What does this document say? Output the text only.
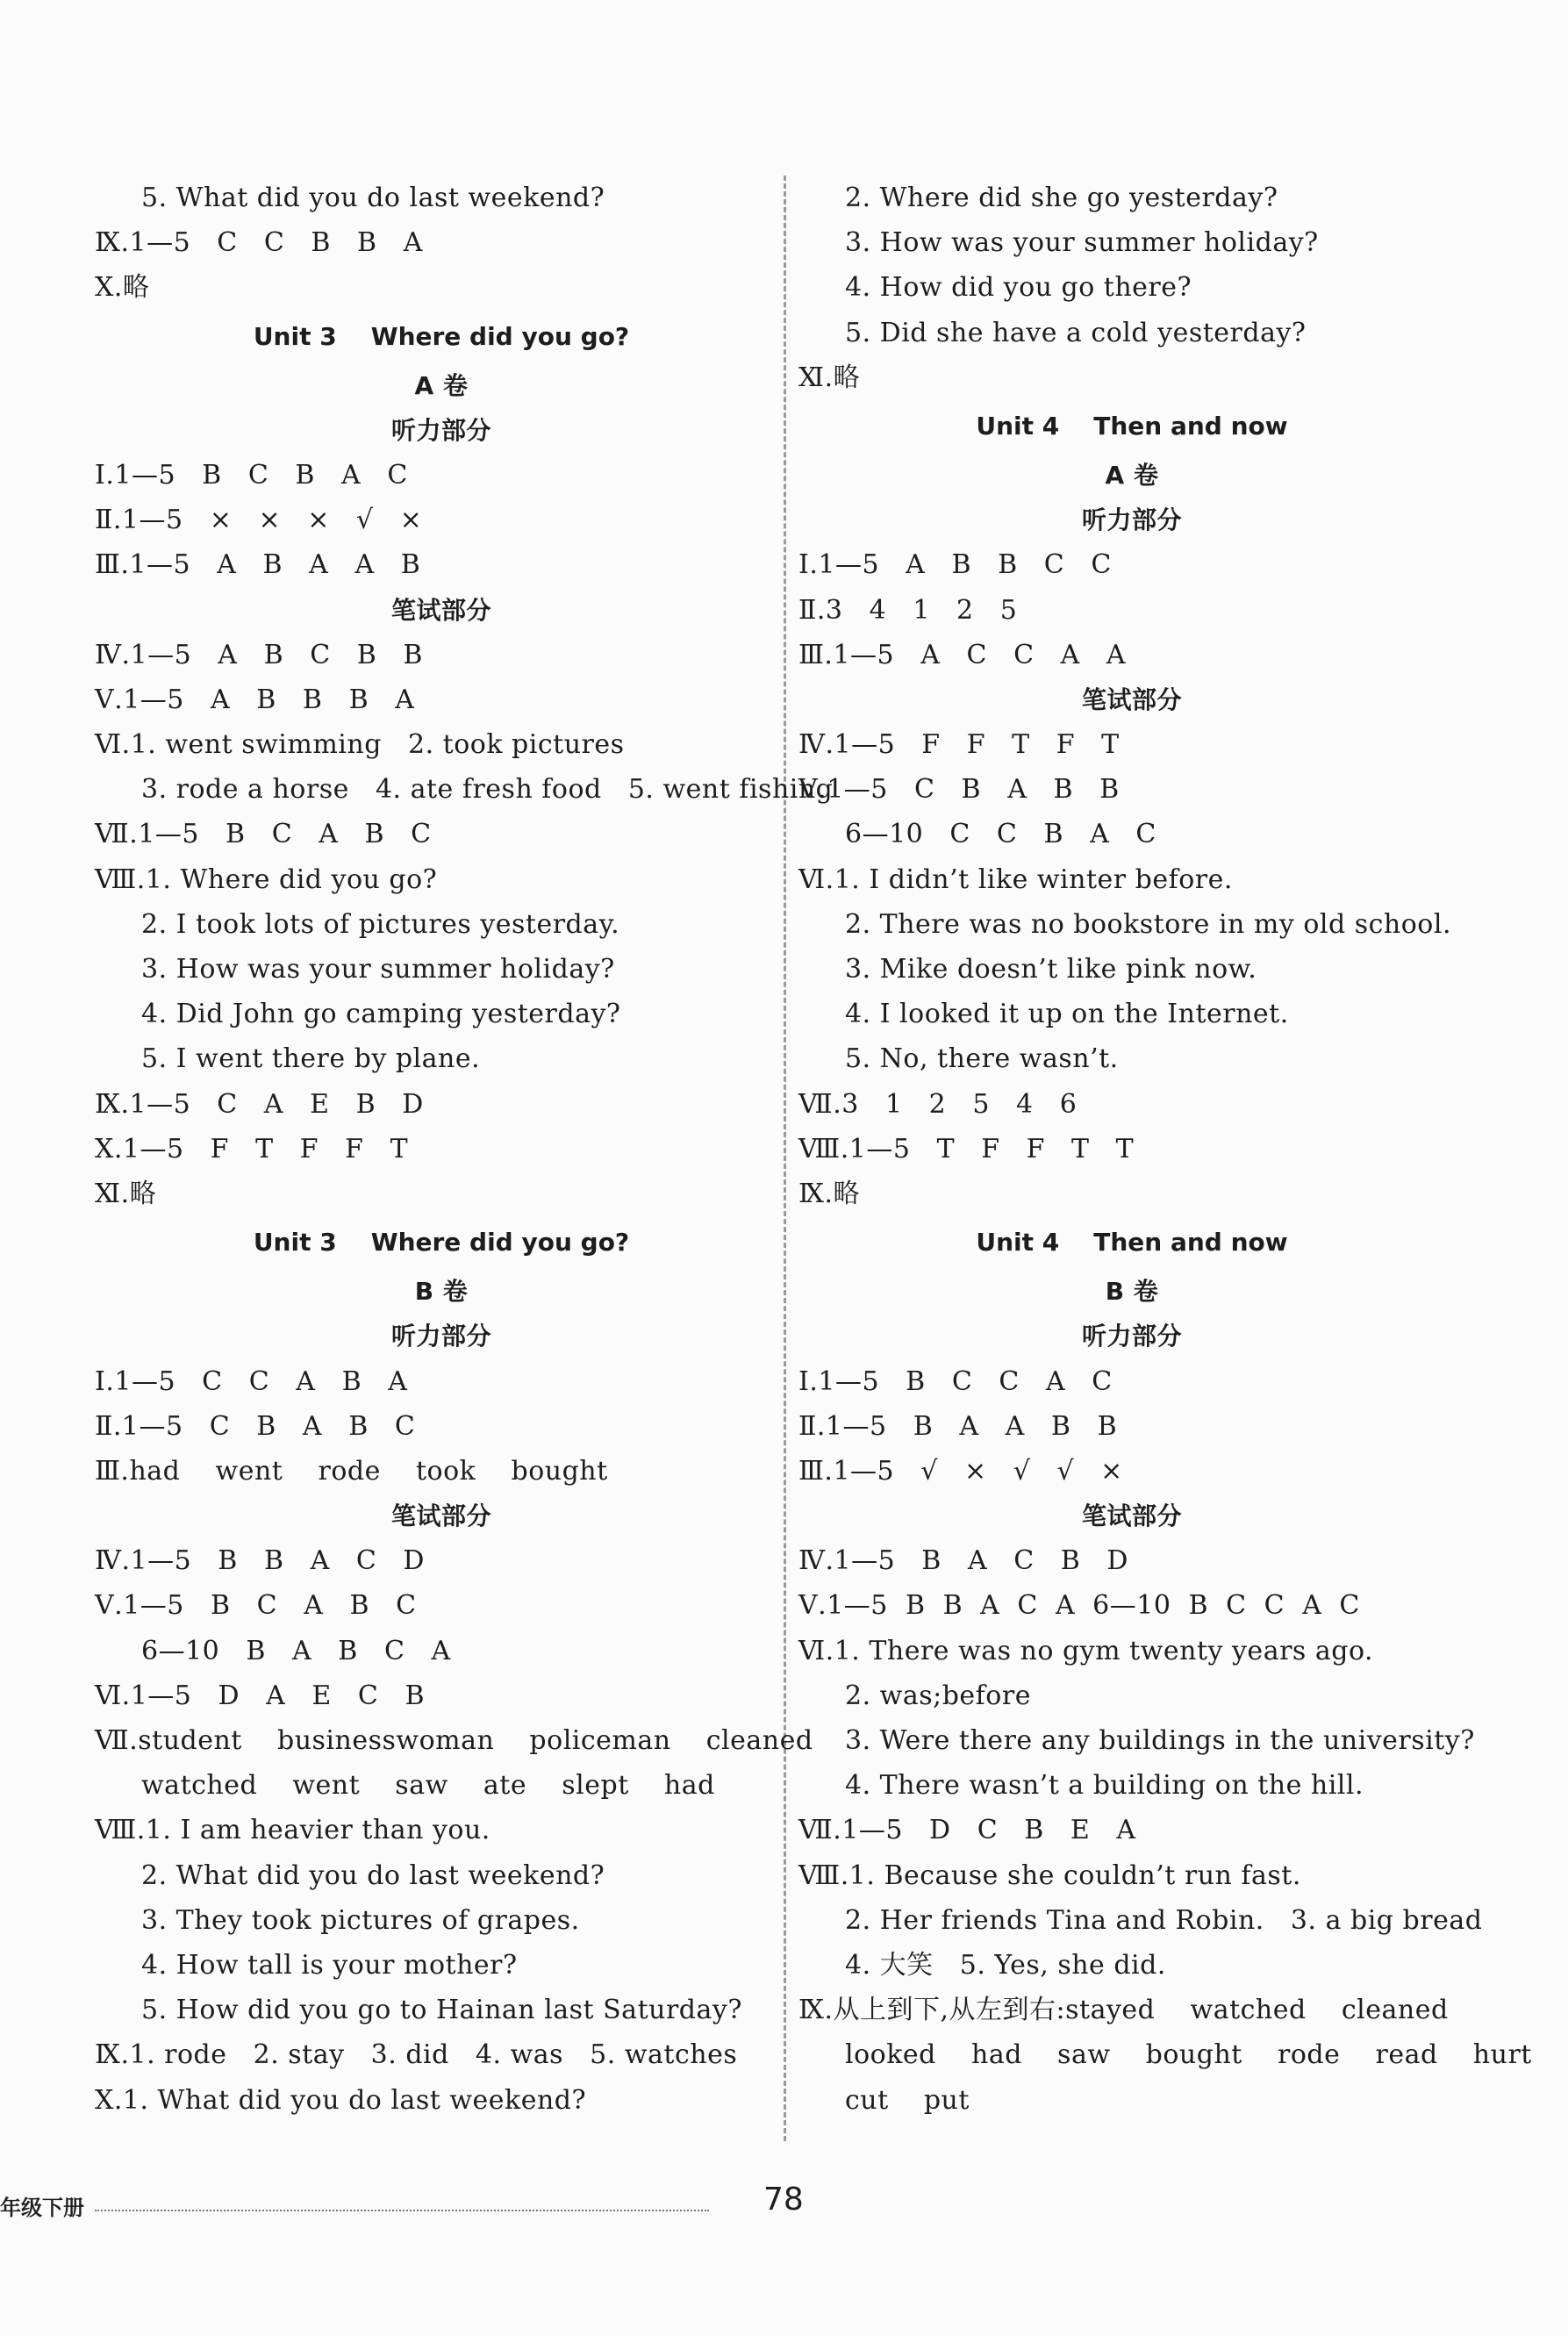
5. What did you do last weekend?
Ⅸ.1—5   C   C   B   B   A
Ⅹ.略
Unit 3    Where did you go?
A 卷
听力部分
Ⅰ.1—5   B   C   B   A   C
Ⅱ.1—5   ×   ×   ×   √   ×
Ⅲ.1—5   A   B   A   A   B
笔试部分
Ⅳ.1—5   A   B   C   B   B
Ⅴ.1—5   A   B   B   B   A
Ⅵ.1. went swimming   2. took pictures
3. rode a horse   4. ate fresh food   5. went fishing
Ⅶ.1—5   B   C   A   B   C
Ⅷ.1. Where did you go?
2. I took lots of pictures yesterday.
3. How was your summer holiday?
4. Did John go camping yesterday?
5. I went there by plane.
Ⅸ.1—5   C   A   E   B   D
Ⅹ.1—5   F   T   F   F   T
Ⅺ.略
Unit 3    Where did you go?
B 卷
听力部分
Ⅰ.1—5   C   C   A   B   A
Ⅱ.1—5   C   B   A   B   C
Ⅲ.had    went    rode    took    bought
笔试部分
Ⅳ.1—5   B   B   A   C   D
Ⅴ.1—5   B   C   A   B   C
6—10   B   A   B   C   A
Ⅵ.1—5   D   A   E   C   B
Ⅶ.student    businesswoman    policeman    cleaned
watched    went    saw    ate    slept    had
Ⅷ.1. I am heavier than you.
2. What did you do last weekend?
3. They took pictures of grapes.
4. How tall is your mother?
5. How did you go to Hainan last Saturday?
Ⅸ.1. rode   2. stay   3. did   4. was   5. watches
Ⅹ.1. What did you do last weekend?
2. Where did she go yesterday?
3. How was your summer holiday?
4. How did you go there?
5. Did she have a cold yesterday?
Ⅺ.略
Unit 4    Then and now
A 卷
听力部分
Ⅰ.1—5   A   B   B   C   C
Ⅱ.3   4   1   2   5
Ⅲ.1—5   A   C   C   A   A
笔试部分
Ⅳ.1—5   F   F   T   F   T
Ⅴ.1—5   C   B   A   B   B
6—10   C   C   B   A   C
Ⅵ.1. I didn’t like winter before.
2. There was no bookstore in my old school.
3. Mike doesn’t like pink now.
4. I looked it up on the Internet.
5. No, there wasn’t.
Ⅶ.3   1   2   5   4   6
Ⅷ.1—5   T   F   F   T   T
Ⅸ.略
Unit 4    Then and now
B 卷
听力部分
Ⅰ.1—5   B   C   C   A   C
Ⅱ.1—5   B   A   A   B   B
Ⅲ.1—5   √   ×   √   √   ×
笔试部分
Ⅳ.1—5   B   A   C   B   D
Ⅴ.1—5  B  B  A  C  A  6—10  B  C  C  A  C
Ⅵ.1. There was no gym twenty years ago.
2. was;before
3. Were there any buildings in the university?
4. There wasn’t a building on the hill.
Ⅶ.1—5   D   C   B   E   A
Ⅷ.1. Because she couldn’t run fast.
2. Her friends Tina and Robin.   3. a big bread
4. 大笑   5. Yes, she did.
Ⅸ.从上到下,从左到右:stayed    watched    cleaned
looked    had    saw    bought    rode    read    hurt
cut    put
年级下册	78
